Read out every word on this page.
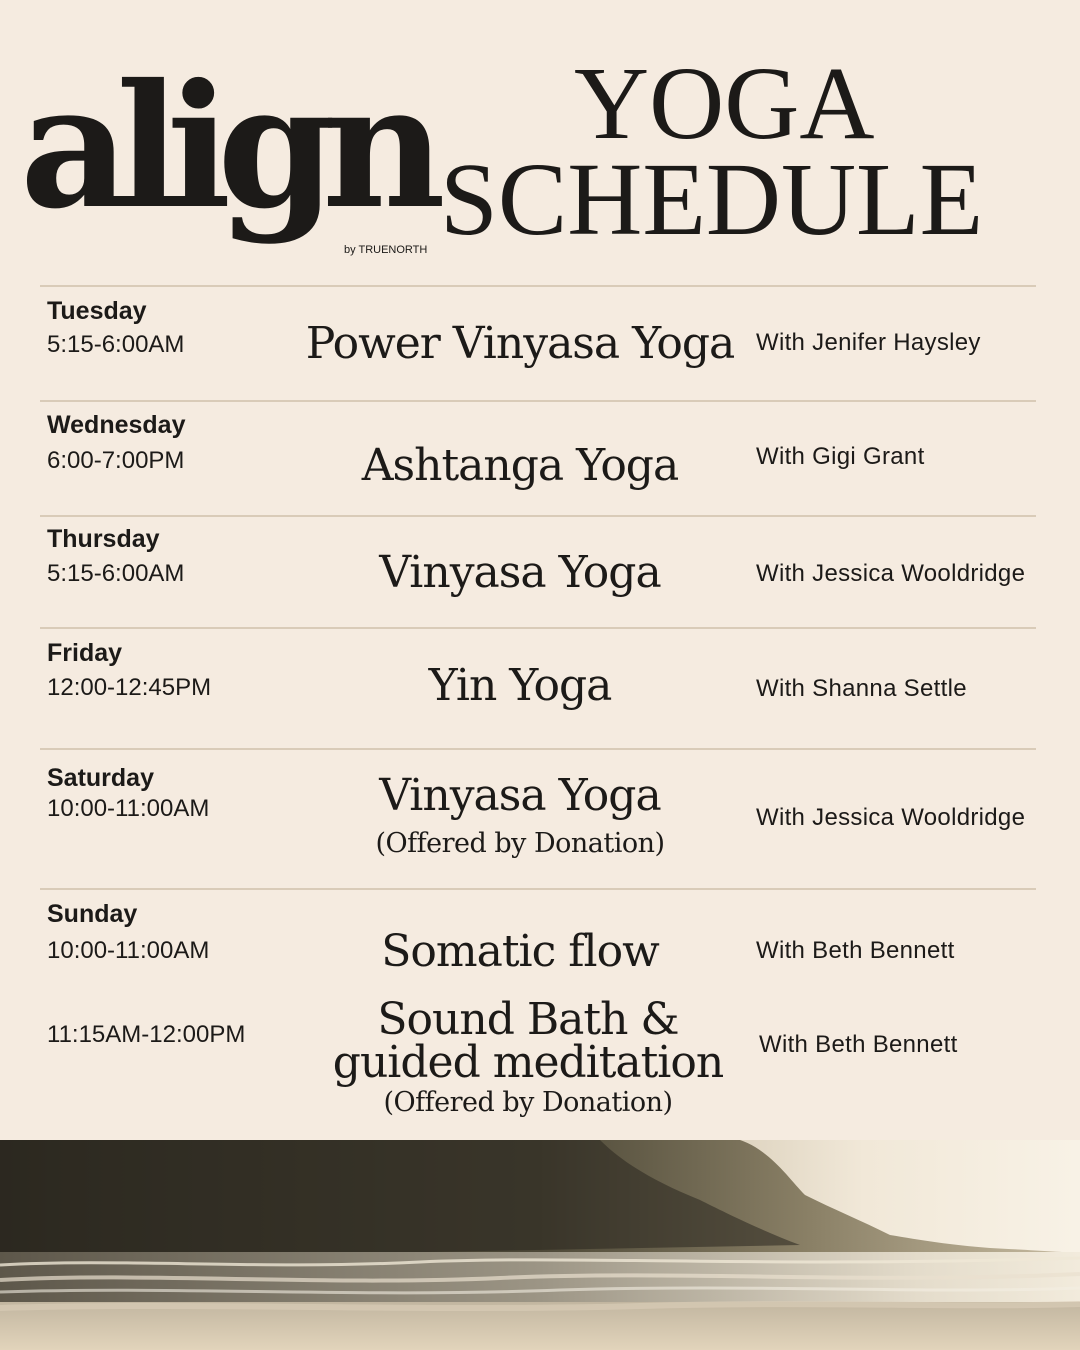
align
by TRUENORTH
YOGA
SCHEDULE
Tuesday
5:15-6:00AM	Power Vinyasa Yoga With Jenifer Haysley
Wednesday
6:00-7:00PM	Ashtanga Yoga	With Gigi Grant
Thursday
5:15-6:00AM	Vinyasa Yoga	With Jessica Wooldridge
Friday
12:00-12:45PM	Yin Yoga	With Shanna Settle
Saturday
10:00-11:00AM	Vinyasa Yoga
(Offered by Donation)
With Jessica Wooldridge
Sunday
10:00-11:00AM	Somatic flow	With Beth Bennett
11:15AM-12:00PM	Sound Bath &
guided meditation
(Offered by Donation)
With Beth Bennett
